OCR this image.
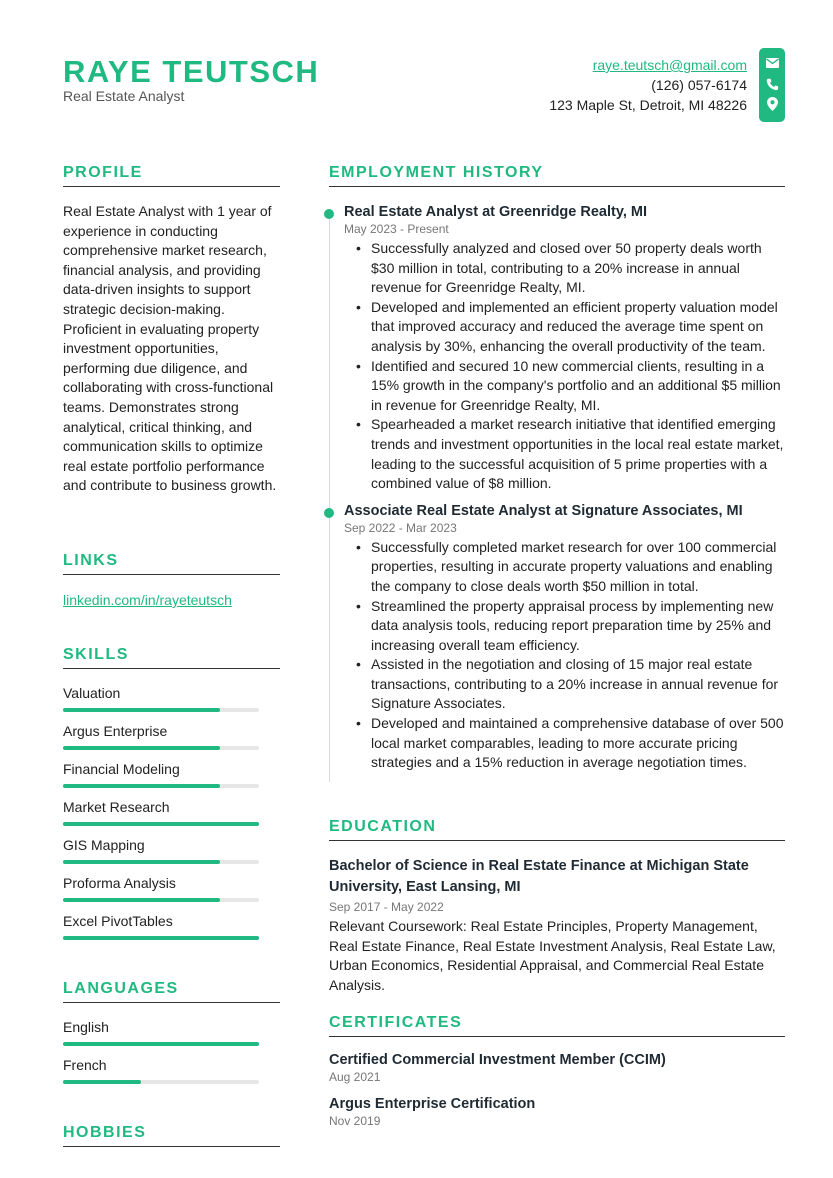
RAYE TEUTSCH
Real Estate Analyst
raye.teutsch@gmail.com
(126) 057-6174
123 Maple St, Detroit, MI 48226
PROFILE
Real Estate Analyst with 1 year of experience in conducting comprehensive market research, financial analysis, and providing data-driven insights to support strategic decision-making. Proficient in evaluating property investment opportunities, performing due diligence, and collaborating with cross-functional teams. Demonstrates strong analytical, critical thinking, and communication skills to optimize real estate portfolio performance and contribute to business growth.
LINKS
linkedin.com/in/rayeteutsch
SKILLS
Valuation
Argus Enterprise
Financial Modeling
Market Research
GIS Mapping
Proforma Analysis
Excel PivotTables
LANGUAGES
English
French
HOBBIES
EMPLOYMENT HISTORY
Real Estate Analyst at Greenridge Realty, MI
May 2023 - Present
• Successfully analyzed and closed over 50 property deals worth $30 million in total, contributing to a 20% increase in annual revenue for Greenridge Realty, MI.
• Developed and implemented an efficient property valuation model that improved accuracy and reduced the average time spent on analysis by 30%, enhancing the overall productivity of the team.
• Identified and secured 10 new commercial clients, resulting in a 15% growth in the company's portfolio and an additional $5 million in revenue for Greenridge Realty, MI.
• Spearheaded a market research initiative that identified emerging trends and investment opportunities in the local real estate market, leading to the successful acquisition of 5 prime properties with a combined value of $8 million.
Associate Real Estate Analyst at Signature Associates, MI
Sep 2022 - Mar 2023
• Successfully completed market research for over 100 commercial properties, resulting in accurate property valuations and enabling the company to close deals worth $50 million in total.
• Streamlined the property appraisal process by implementing new data analysis tools, reducing report preparation time by 25% and increasing overall team efficiency.
• Assisted in the negotiation and closing of 15 major real estate transactions, contributing to a 20% increase in annual revenue for Signature Associates.
• Developed and maintained a comprehensive database of over 500 local market comparables, leading to more accurate pricing strategies and a 15% reduction in average negotiation times.
EDUCATION
Bachelor of Science in Real Estate Finance at Michigan State University, East Lansing, MI
Sep 2017 - May 2022
Relevant Coursework: Real Estate Principles, Property Management, Real Estate Finance, Real Estate Investment Analysis, Real Estate Law, Urban Economics, Residential Appraisal, and Commercial Real Estate Analysis.
CERTIFICATES
Certified Commercial Investment Member (CCIM)
Aug 2021
Argus Enterprise Certification
Nov 2019
